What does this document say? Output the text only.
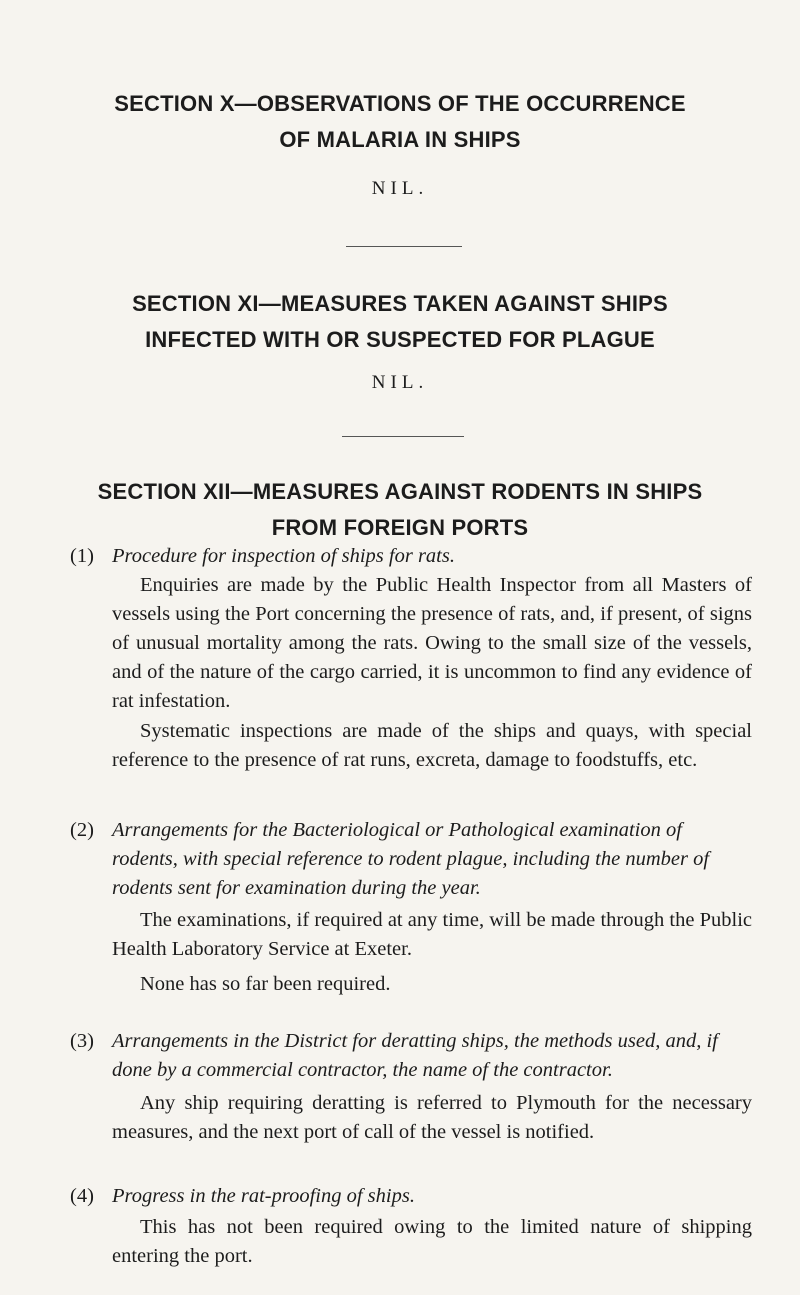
SECTION X—OBSERVATIONS OF THE OCCURRENCE
OF MALARIA IN SHIPS

NIL.

SECTION XI—MEASURES TAKEN AGAINST SHIPS
INFECTED WITH OR SUSPECTED FOR PLAGUE

NIL.

SECTION XII—MEASURES AGAINST RODENTS IN SHIPS
FROM FOREIGN PORTS
(1) Procedure for inspection of ships for rats.

Enquiries are made by the Public Health Inspector from all Masters of vessels using the Port concerning the presence of rats, and, if present, of signs of unusual mortality among the rats. Owing to the small size of the vessels, and of the nature of the cargo carried, it is uncommon to find any evidence of rat infestation.

Systematic inspections are made of the ships and quays, with special reference to the presence of rat runs, excreta, damage to foodstuffs, etc.

(2) Arrangements for the Bacteriological or Pathological examination of rodents, with special reference to rodent plague, including the number of rodents sent for examination during the year.

The examinations, if required at any time, will be made through the Public Health Laboratory Service at Exeter.

None has so far been required.

(3) Arrangements in the District for deratting ships, the methods used, and, if done by a commercial contractor, the name of the contractor.

Any ship requiring deratting is referred to Plymouth for the necessary measures, and the next port of call of the vessel is notified.

(4) Progress in the rat-proofing of ships.

This has not been required owing to the limited nature of shipping entering the port.
